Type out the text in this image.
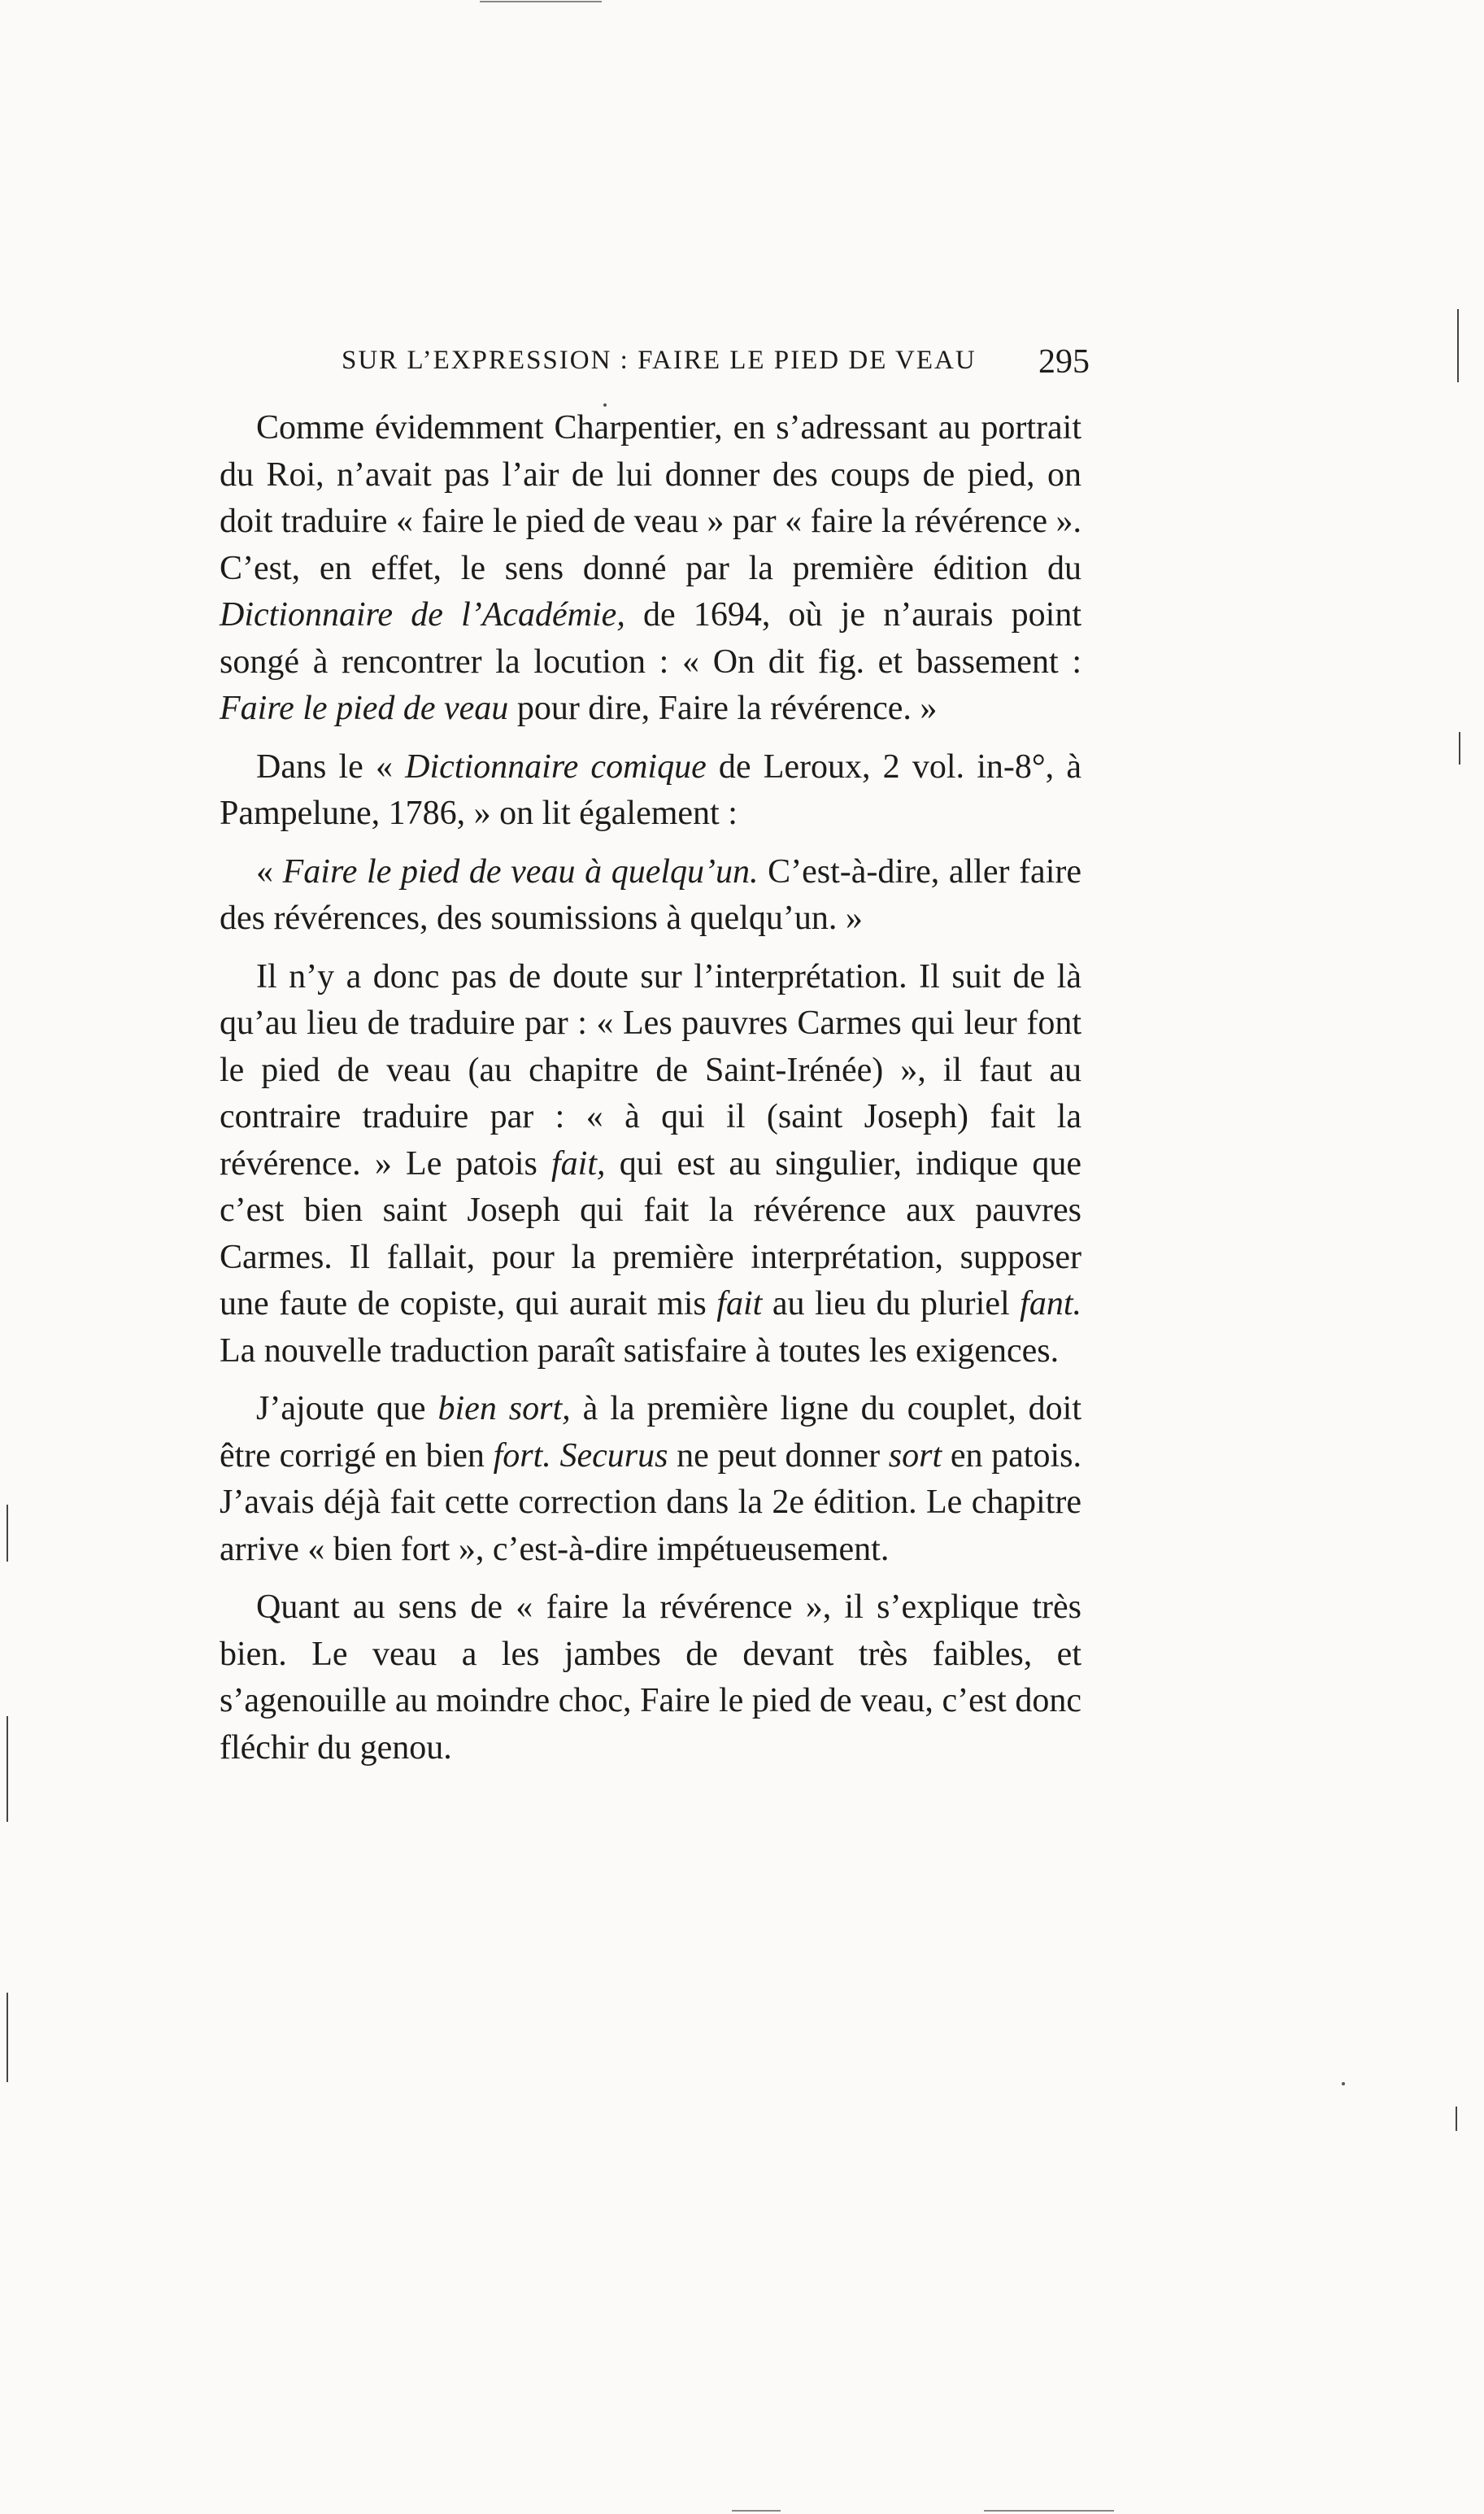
SUR L’EXPRESSION : FAIRE LE PIED DE VEAU 295

Comme évidemment Charpentier, en s’adressant au portrait du Roi, n’avait pas l’air de lui donner des coups de pied, on doit traduire « faire le pied de veau » par « faire la révérence ». C’est, en effet, le sens donné par la première édition du Dictionnaire de l’Académie, de 1694, où je n’aurais point songé à rencontrer la locution : « On dit fig. et bassement : Faire le pied de veau pour dire, Faire la révérence. »

Dans le « Dictionnaire comique de Leroux, 2 vol. in-8°, à Pampelune, 1786, » on lit également :

« Faire le pied de veau à quelqu’un. C’est-à-dire, aller faire des révérences, des soumissions à quelqu’un. »

Il n’y a donc pas de doute sur l’interprétation. Il suit de là qu’au lieu de traduire par : « Les pauvres Carmes qui leur font le pied de veau (au chapitre de Saint-Irénée) », il faut au contraire traduire par : « à qui il (saint Joseph) fait la révérence. » Le patois fait, qui est au singulier, indique que c’est bien saint Joseph qui fait la révérence aux pauvres Carmes. Il fallait, pour la première interprétation, supposer une faute de copiste, qui aurait mis fait au lieu du pluriel fant. La nouvelle traduction paraît satisfaire à toutes les exigences.

J’ajoute que bien sort, à la première ligne du couplet, doit être corrigé en bien fort. Securus ne peut donner sort en patois. J’avais déjà fait cette correction dans la 2e édition. Le chapitre arrive « bien fort », c’est-à-dire impétueusement.

Quant au sens de « faire la révérence », il s’explique très bien. Le veau a les jambes de devant très faibles, et s’agenouille au moindre choc, Faire le pied de veau, c’est donc fléchir du genou.
